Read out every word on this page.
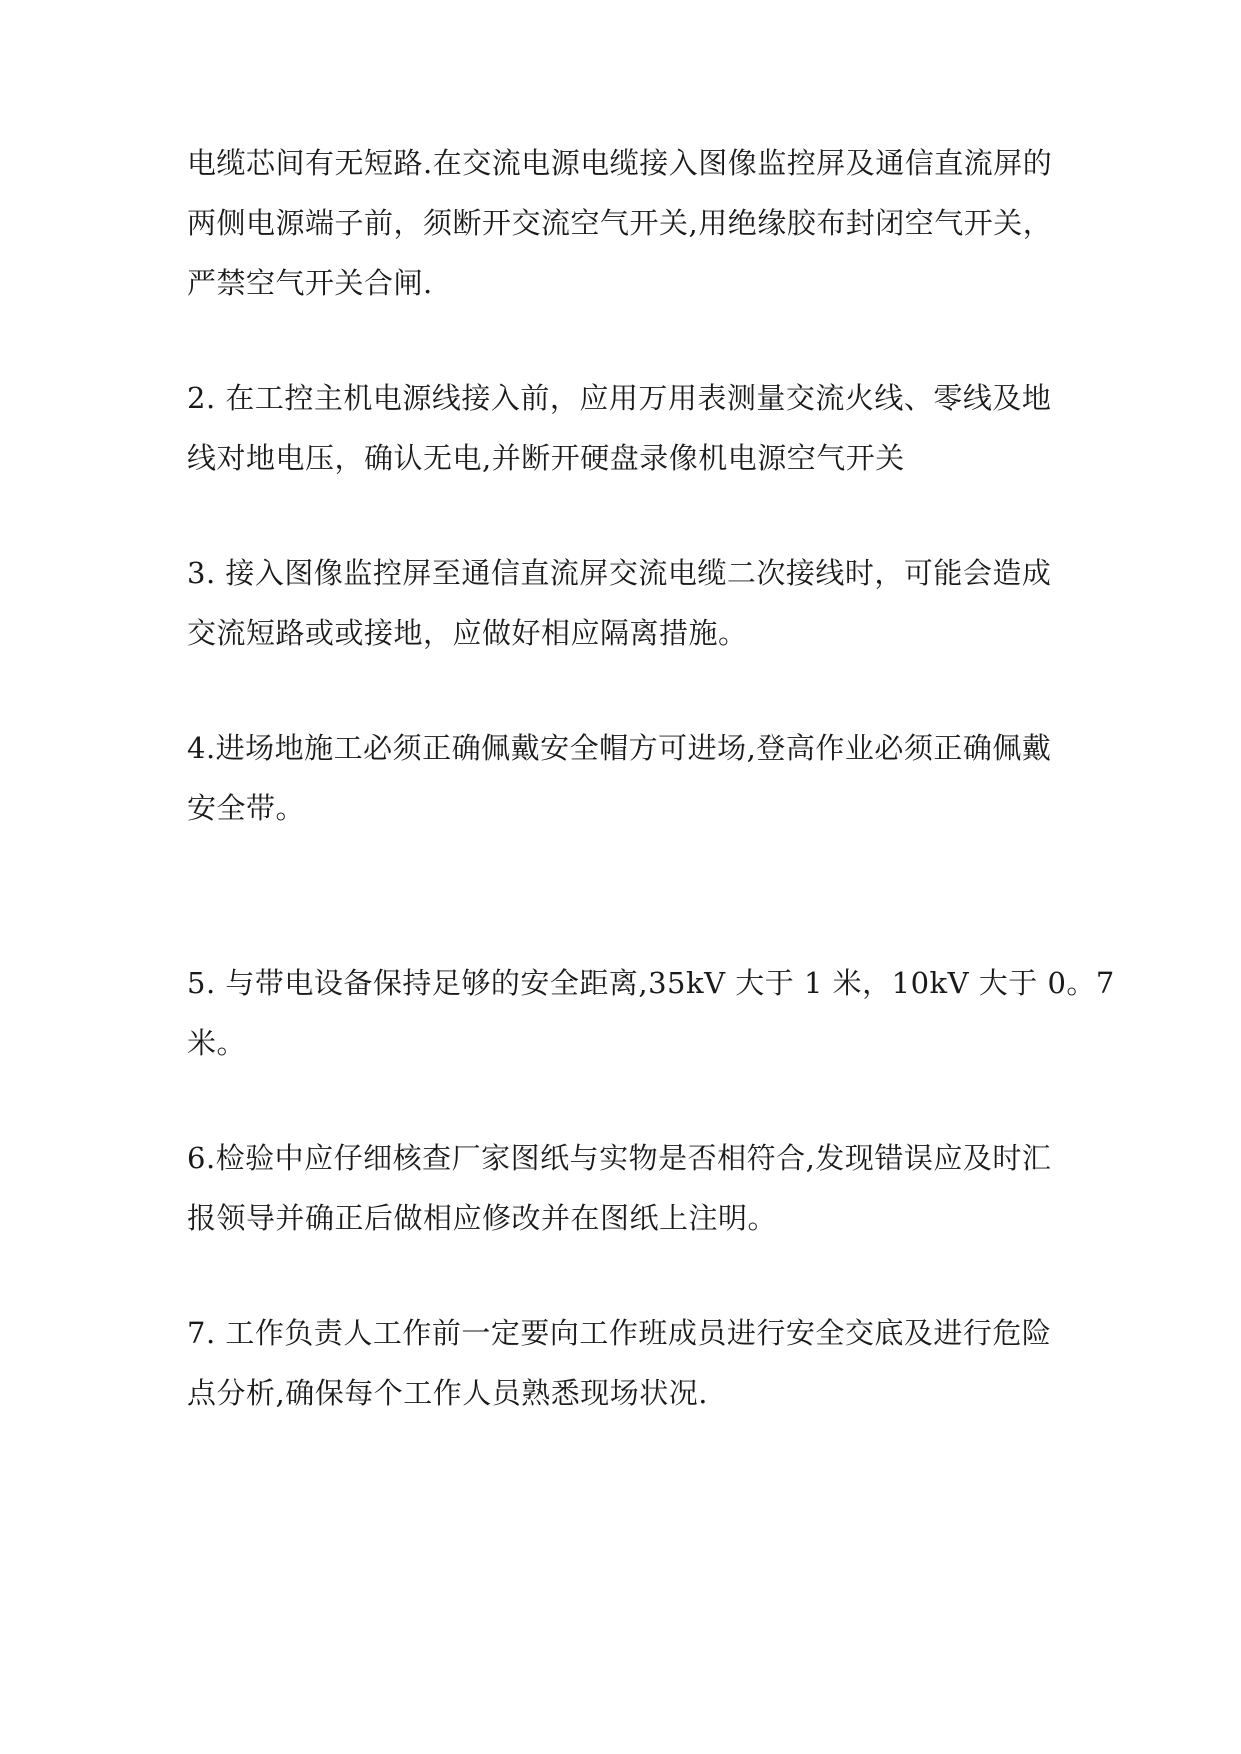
电缆芯间有无短路.在交流电源电缆接入图像监控屏及通信直流屏的
两侧电源端子前，须断开交流空气开关,用绝缘胶布封闭空气开关，
严禁空气开关合闸.
2. 在工控主机电源线接入前，应用万用表测量交流火线、零线及地
线对地电压，确认无电,并断开硬盘录像机电源空气开关
3. 接入图像监控屏至通信直流屏交流电缆二次接线时，可能会造成
交流短路或或接地，应做好相应隔离措施。
4.进场地施工必须正确佩戴安全帽方可进场,登高作业必须正确佩戴
安全带。
5. 与带电设备保持足够的安全距离,35kV 大于 1 米，10kV 大于 0。7
米。
6.检验中应仔细核查厂家图纸与实物是否相符合,发现错误应及时汇
报领导并确正后做相应修改并在图纸上注明。
7. 工作负责人工作前一定要向工作班成员进行安全交底及进行危险
点分析,确保每个工作人员熟悉现场状况.
